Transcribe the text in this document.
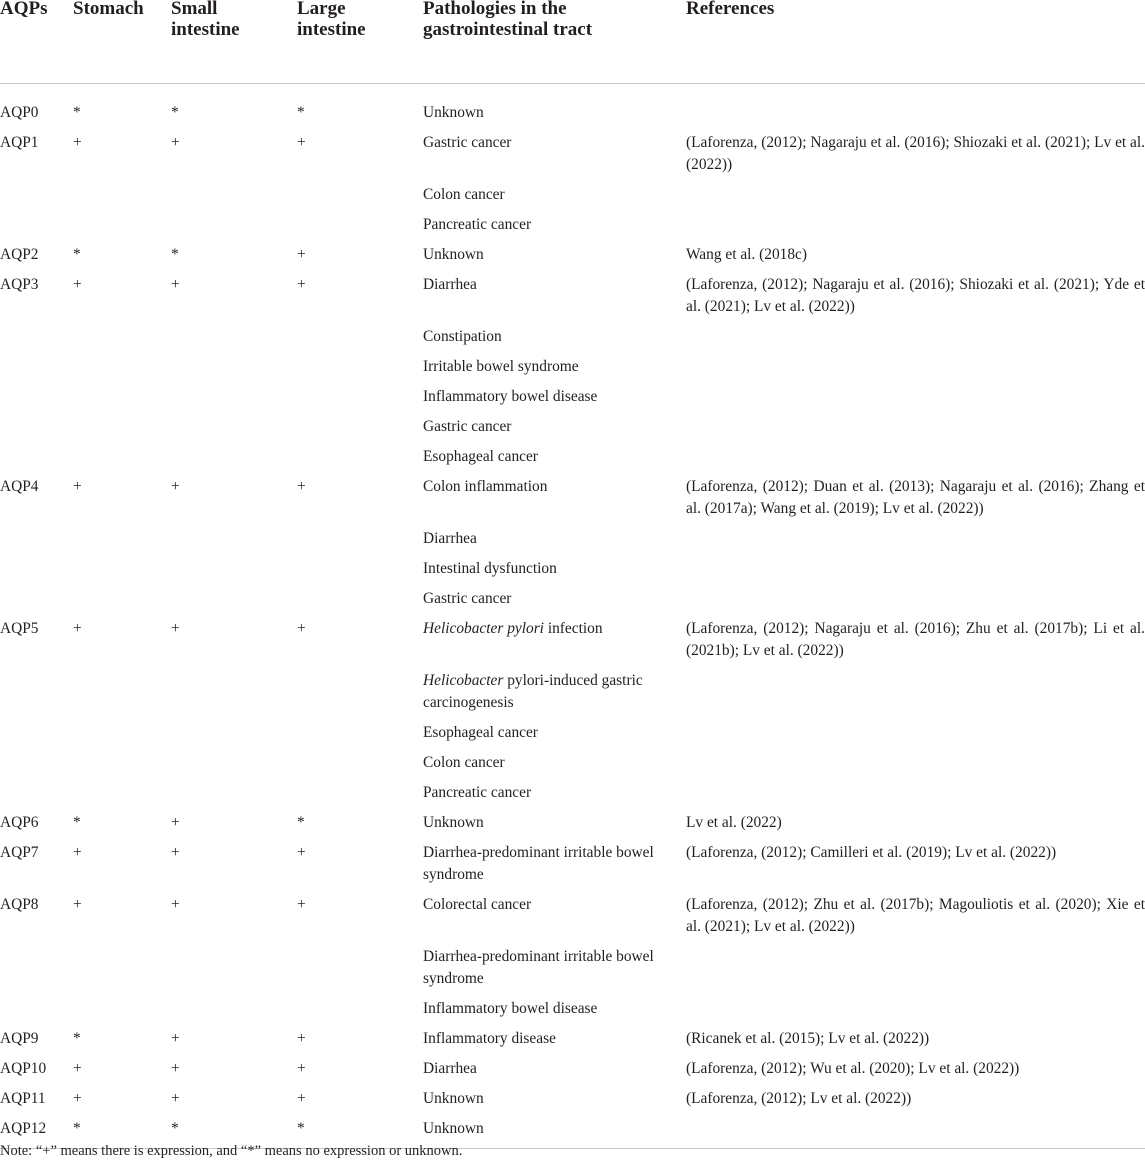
AQPs	Stomach	Small intestine	Large intestine	Pathologies in the gastrointestinal tract	References

AQP0	*	*	*	Unknown	
AQP1	+	+	+	Gastric cancer	(Laforenza, (2012); Nagaraju et al. (2016); Shiozaki et al. (2021); Lv et al. (2022))
				Colon cancer	
				Pancreatic cancer	
AQP2	*	*	+	Unknown	Wang et al. (2018c)
AQP3	+	+	+	Diarrhea	(Laforenza, (2012); Nagaraju et al. (2016); Shiozaki et al. (2021); Yde et al. (2021); Lv et al. (2022))
				Constipation	
				Irritable bowel syndrome	
				Inflammatory bowel disease	
				Gastric cancer	
				Esophageal cancer	
AQP4	+	+	+	Colon inflammation	(Laforenza, (2012); Duan et al. (2013); Nagaraju et al. (2016); Zhang et al. (2017a); Wang et al. (2019); Lv et al. (2022))
				Diarrhea	
				Intestinal dysfunction	
				Gastric cancer	
AQP5	+	+	+	Helicobacter pylori infection	(Laforenza, (2012); Nagaraju et al. (2016); Zhu et al. (2017b); Li et al. (2021b); Lv et al. (2022))
				Helicobacter pylori-induced gastric carcinogenesis	
				Esophageal cancer	
				Colon cancer	
				Pancreatic cancer	
AQP6	*	+	*	Unknown	Lv et al. (2022)
AQP7	+	+	+	Diarrhea-predominant irritable bowel syndrome	(Laforenza, (2012); Camilleri et al. (2019); Lv et al. (2022))
AQP8	+	+	+	Colorectal cancer	(Laforenza, (2012); Zhu et al. (2017b); Magouliotis et al. (2020); Xie et al. (2021); Lv et al. (2022))
				Diarrhea-predominant irritable bowel syndrome	
				Inflammatory bowel disease	
AQP9	*	+	+	Inflammatory disease	(Ricanek et al. (2015); Lv et al. (2022))
AQP10	+	+	+	Diarrhea	(Laforenza, (2012); Wu et al. (2020); Lv et al. (2022))
AQP11	+	+	+	Unknown	(Laforenza, (2012); Lv et al. (2022))
AQP12	*	*	*	Unknown	
Note: “+” means there is expression, and “*” means no expression or unknown.
